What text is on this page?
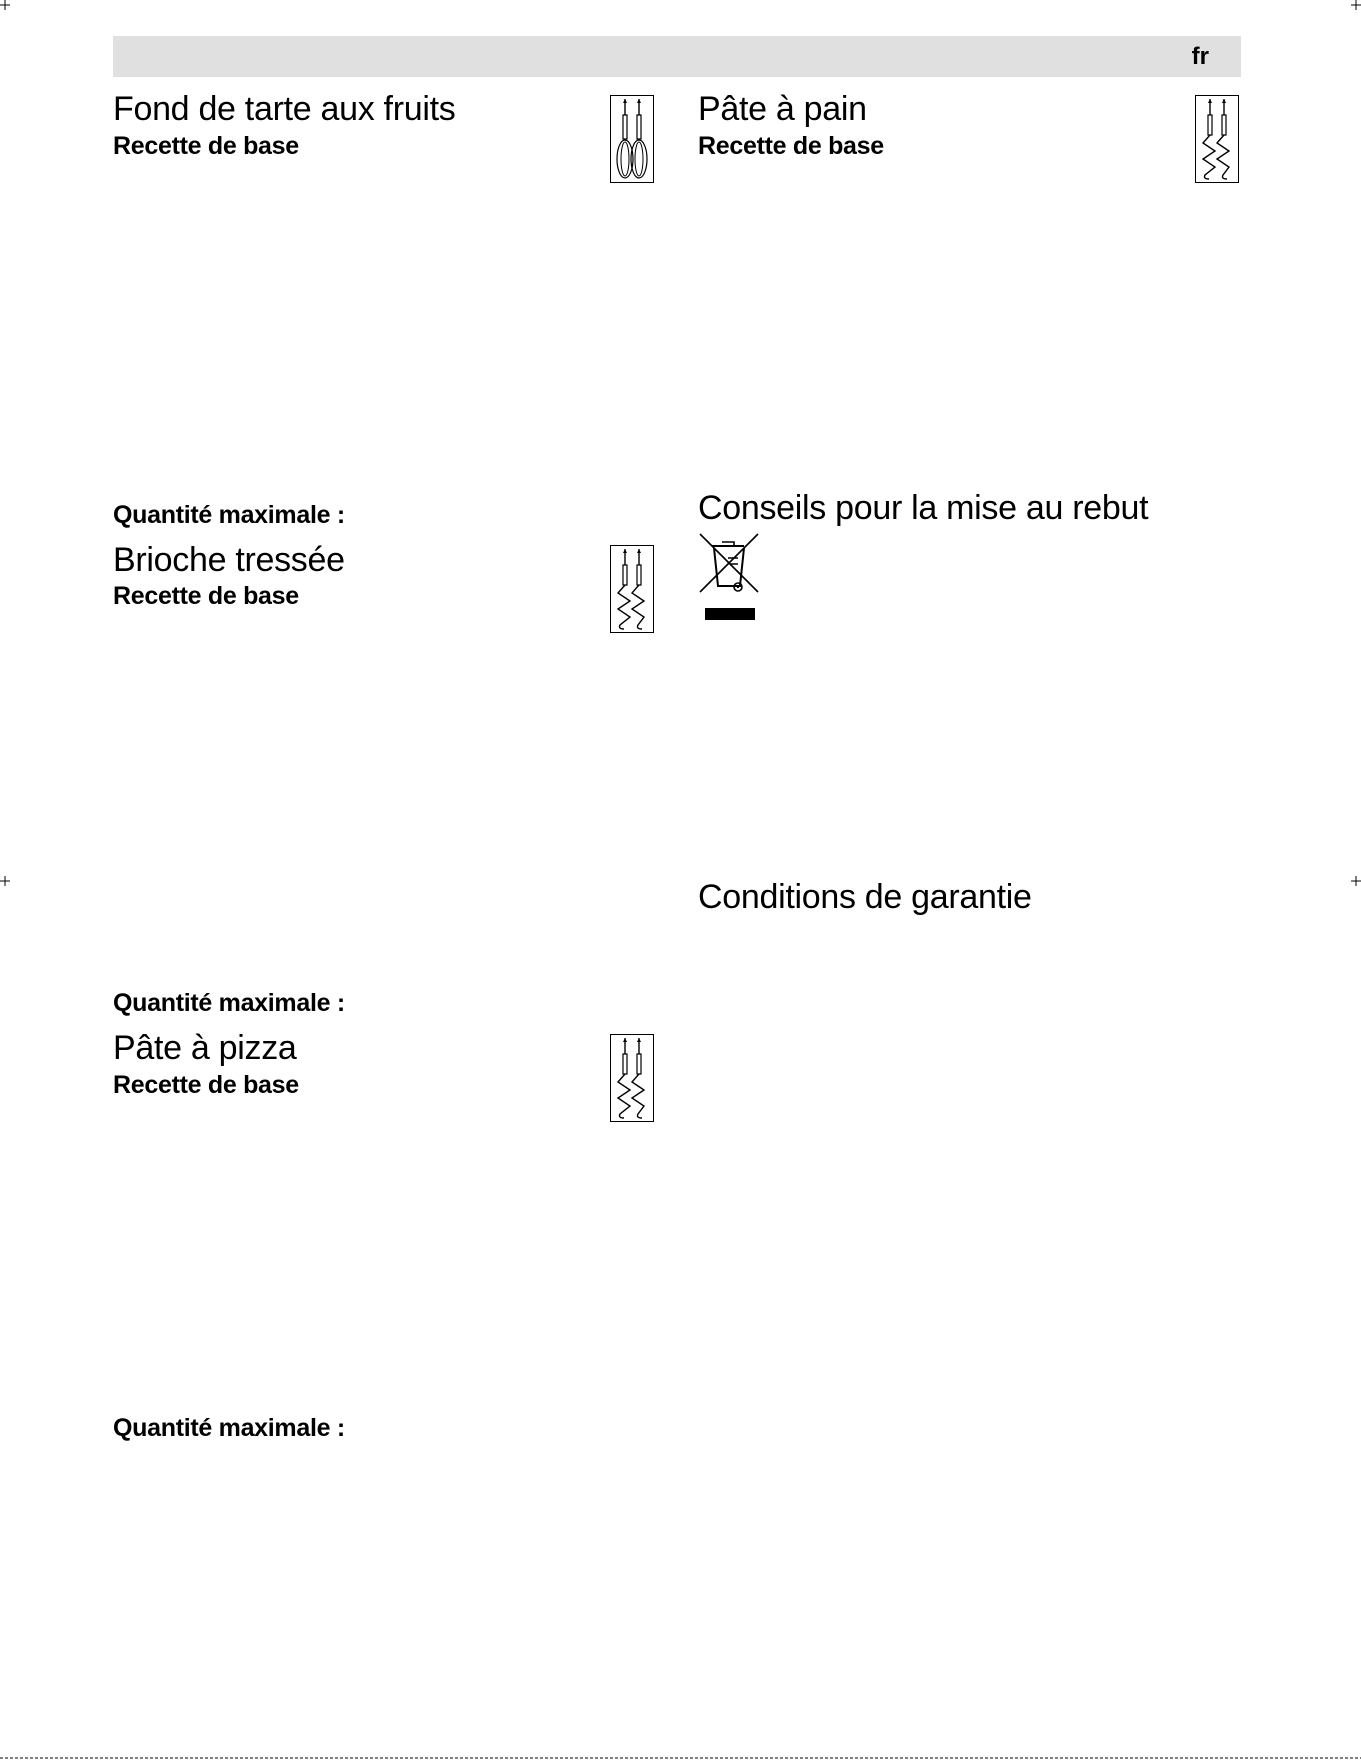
fr
Fond de tarte aux fruits
Recette de base
Quantité maximale :
Brioche tressée
Recette de base
Quantité maximale :
Pâte à pizza
Recette de base
Quantité maximale :
Pâte à pain
Recette de base
Conseils pour la mise au rebut
Conditions de garantie
